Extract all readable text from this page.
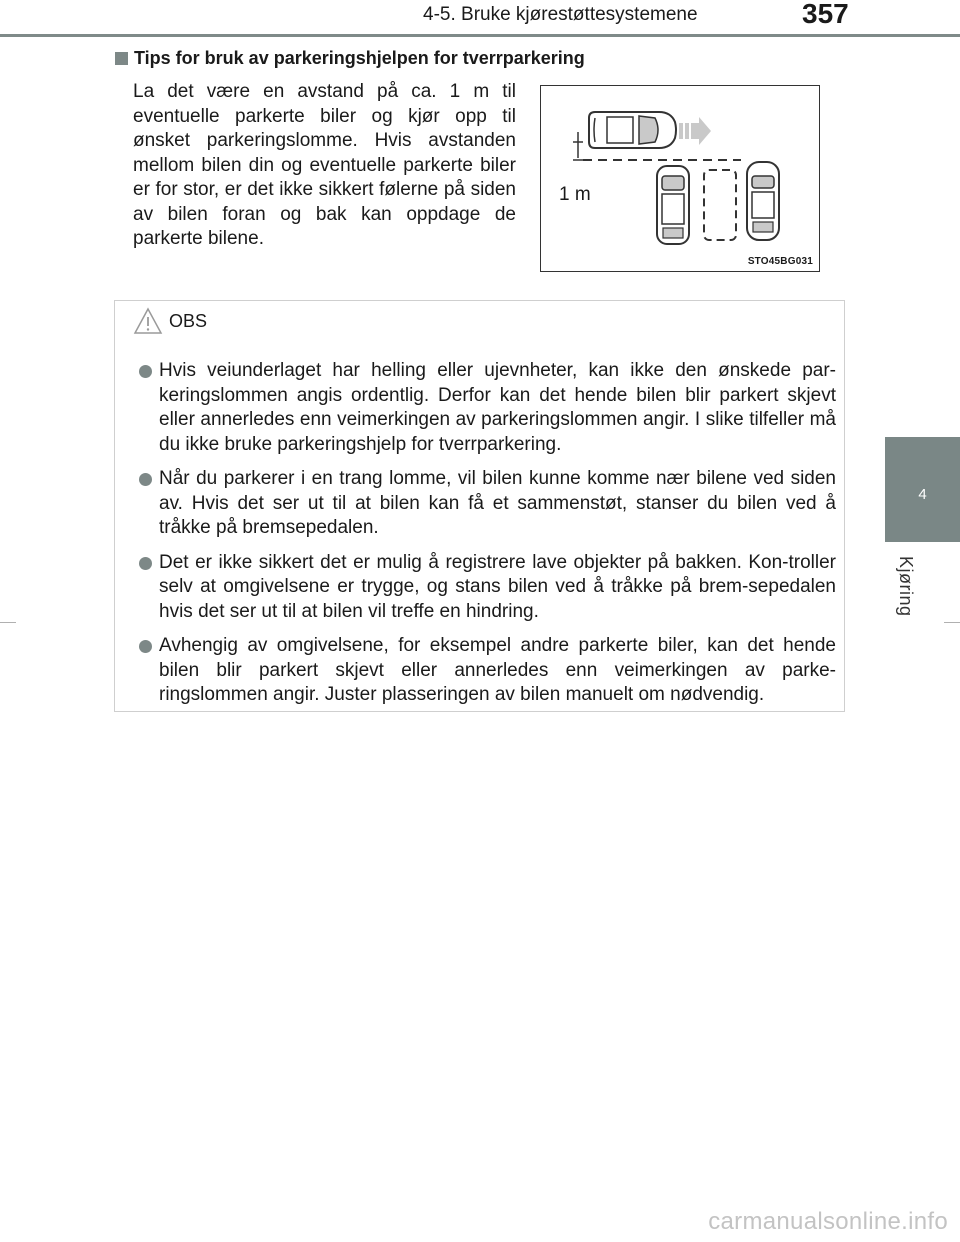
4-5. Bruke kjørestøttesystemene	357
4
Kjøring
Tips for bruk av parkeringshjelpen for tverrparkering
La det være en avstand på ca. 1 m til eventuelle parkerte biler og kjør opp til ønsket parkeringslomme. Hvis avstanden mellom bilen din og eventuelle parkerte biler er for stor, er det ikke sikkert følerne på siden av bilen foran og bak kan oppdage de parkerte bilene.
1 m
STO45BG031
OBS
Hvis veiunderlaget har helling eller ujevnheter, kan ikke den ønskede par-keringslommen angis ordentlig. Derfor kan det hende bilen blir parkert skjevt eller annerledes enn veimerkingen av parkeringslommen angir. I slike tilfeller må du ikke bruke parkeringshjelp for tverrparkering.
Når du parkerer i en trang lomme, vil bilen kunne komme nær bilene ved siden av. Hvis det ser ut til at bilen kan få et sammenstøt, stanser du bilen ved å tråkke på bremsepedalen.
Det er ikke sikkert det er mulig å registrere lave objekter på bakken. Kon-troller selv at omgivelsene er trygge, og stans bilen ved å tråkke på brem-sepedalen hvis det ser ut til at bilen vil treffe en hindring.
Avhengig av omgivelsene, for eksempel andre parkerte biler, kan det hende bilen blir parkert skjevt eller annerledes enn veimerkingen av parke-ringslommen angir. Juster plasseringen av bilen manuelt om nødvendig.
carmanualsonline.info
